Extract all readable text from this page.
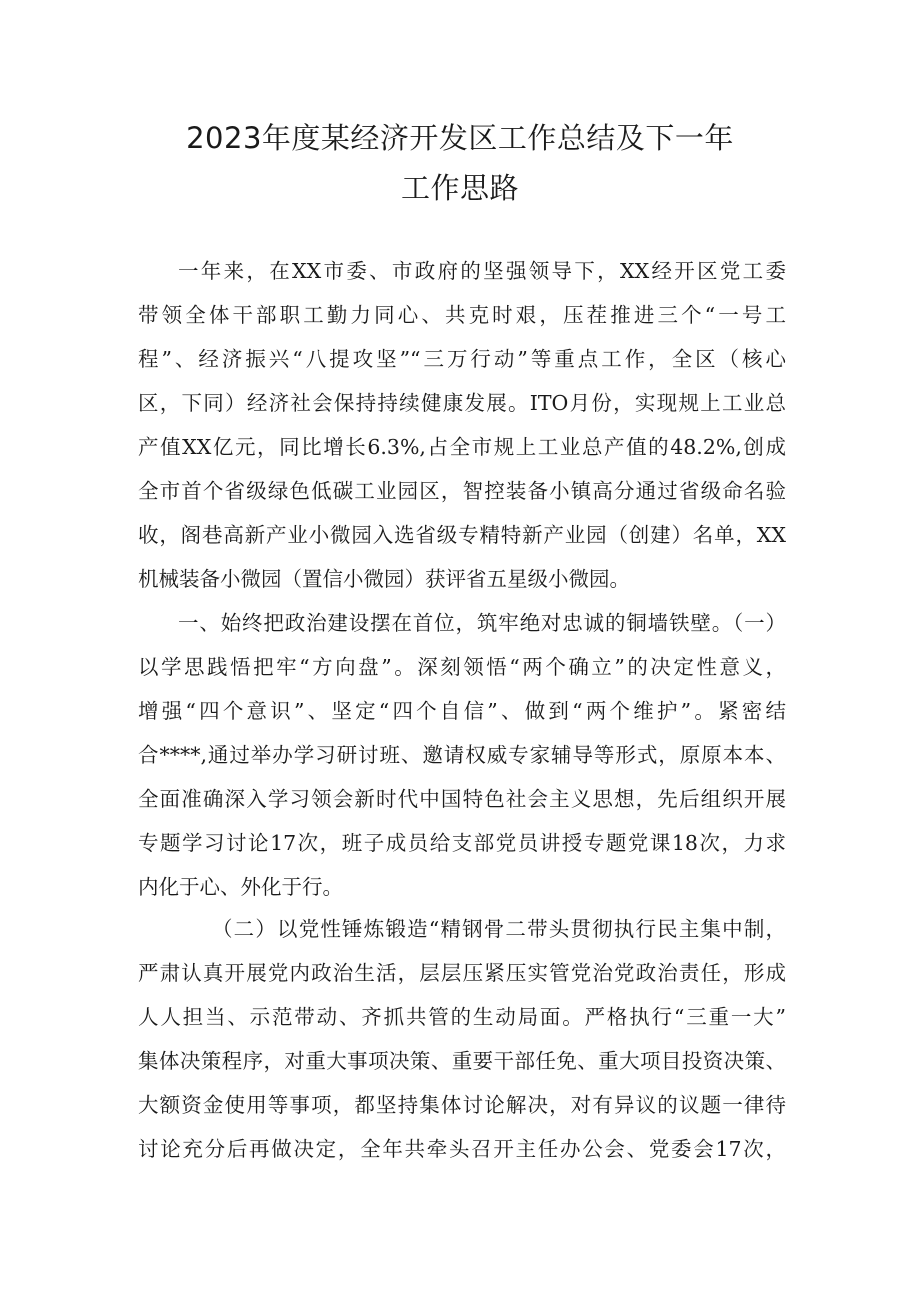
2023年度某经济开发区工作总结及下一年
工作思路
一年来，在XX市委、市政府的坚强领导下，XX经开区党工委
带领全体干部职工勤力同心、共克时艰，压茬推进三个“一号工
程”、经济振兴“八提攻坚”“三万行动”等重点工作，全区（核心
区，下同）经济社会保持持续健康发展。ITO月份，实现规上工业总
产值XX亿元，同比增长6.3%,占全市规上工业总产值的48.2%,创成
全市首个省级绿色低碳工业园区，智控装备小镇高分通过省级命名验
收，阁巷高新产业小微园入选省级专精特新产业园（创建）名单，XX
机械装备小微园（置信小微园）获评省五星级小微园。
一、始终把政治建设摆在首位，筑牢绝对忠诚的铜墙铁壁。（一）
以学思践悟把牢“方向盘”。深刻领悟“两个确立”的决定性意义，
增强“四个意识”、坚定“四个自信”、做到“两个维护”。紧密结
合****,通过举办学习研讨班、邀请权威专家辅导等形式，原原本本、
全面准确深入学习领会新时代中国特色社会主义思想，先后组织开展
专题学习讨论17次，班子成员给支部党员讲授专题党课18次，力求
内化于心、外化于行。
（二）以党性锤炼锻造“精钢骨二带头贯彻执行民主集中制，
严肃认真开展党内政治生活，层层压紧压实管党治党政治责任，形成
人人担当、示范带动、齐抓共管的生动局面。严格执行“三重一大”
集体决策程序，对重大事项决策、重要干部任免、重大项目投资决策、
大额资金使用等事项，都坚持集体讨论解决，对有异议的议题一律待
讨论充分后再做决定，全年共牵头召开主任办公会、党委会17次，
